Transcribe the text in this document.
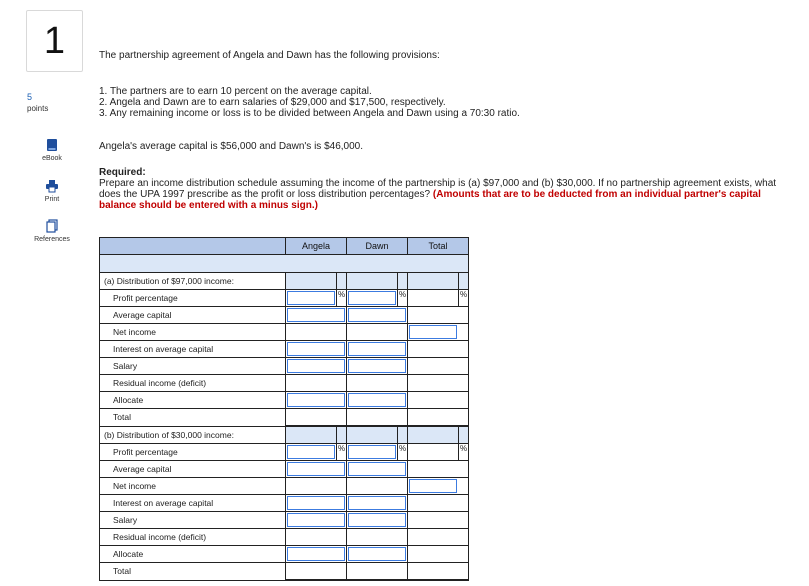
1
5
points
eBook
Print
References

The partnership agreement of Angela and Dawn has the following provisions:

1. The partners are to earn 10 percent on the average capital.

2. Angela and Dawn are to earn salaries of $29,000 and $17,500, respectively.

3. Any remaining income or loss is to be divided between Angela and Dawn using a 70:30 ratio.

Angela's average capital is $56,000 and Dawn's is $46,000.

Required:

Prepare an income distribution schedule assuming the income of the partnership is (a) $97,000 and (b) $30,000. If no partnership agreement exists, what does the UPA 1997 prescribe as the profit or loss distribution percentages? (Amounts that are to be deducted from an individual partner's capital balance should be entered with a minus sign.)

	Angela		Dawn		Total	

(a) Distribution of $97,000 income:						
Profit percentage		%		%		%
Average capital				

Net income						

Interest on average capital				

Salary				

Residual income (deficit)						
Allocate				

Total						
(b) Distribution of $30,000 income:						
Profit percentage		%		%		%
Average capital				

Net income						

Interest on average capital				

Salary				

Residual income (deficit)						
Allocate				

Total						
